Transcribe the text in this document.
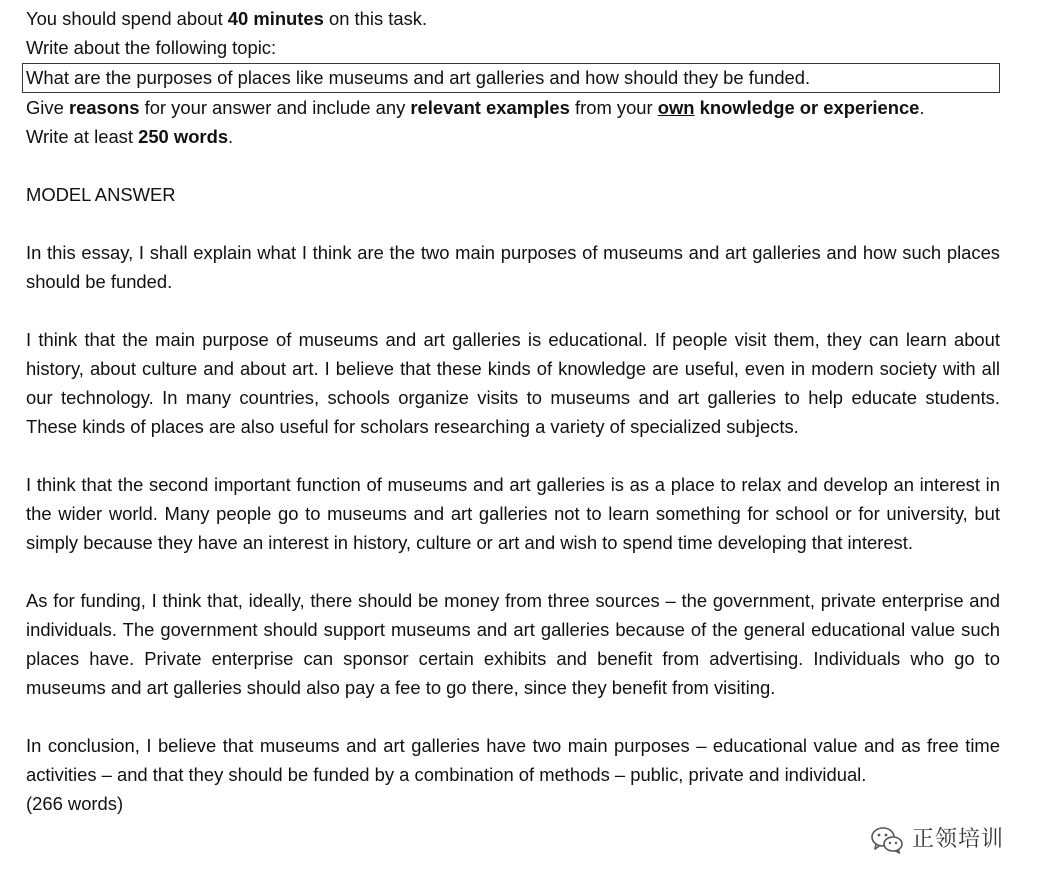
You should spend about 40 minutes on this task.
Write about the following topic:
What are the purposes of places like museums and art galleries and how should they be funded.
Give reasons for your answer and include any relevant examples from your own knowledge or experience.
Write at least 250 words.
MODEL ANSWER

In this essay, I shall explain what I think are the two main purposes of museums and art galleries and how such places should be funded.

I think that the main purpose of museums and art galleries is educational. If people visit them, they can learn about history, about culture and about art. I believe that these kinds of knowledge are useful, even in modern society with all our technology. In many countries, schools organize visits to museums and art galleries to help educate students. These kinds of places are also useful for scholars researching a variety of specialized subjects.

I think that the second important function of museums and art galleries is as a place to relax and develop an interest in the wider world. Many people go to museums and art galleries not to learn something for school or for university, but simply because they have an interest in history, culture or art and wish to spend time developing that interest.

As for funding, I think that, ideally, there should be money from three sources – the government, private enterprise and individuals. The government should support museums and art galleries because of the general educational value such places have. Private enterprise can sponsor certain exhibits and benefit from advertising. Individuals who go to museums and art galleries should also pay a fee to go there, since they benefit from visiting.

In conclusion, I believe that museums and art galleries have two main purposes – educational value and as free time activities – and that they should be funded by a combination of methods – public, private and individual.

(266 words)
正领培训
